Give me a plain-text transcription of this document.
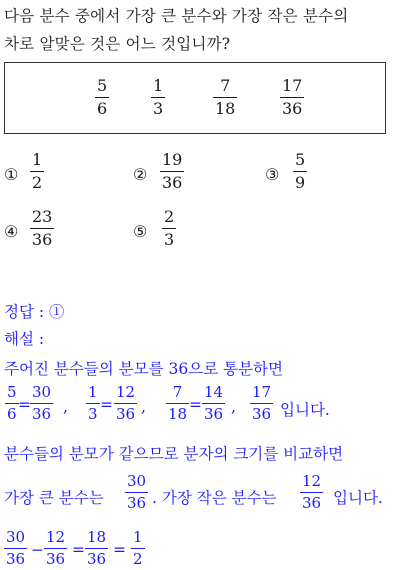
다음 분수 중에서 가장 큰 분수와 가장 작은 분수의
차로 알맞은 것은 어느 것입니까?
5
6
1
3
7
18
17
36
①
1
2	②
19
36	③
5
9
④
23
36	⑤
2
3
정답 : ①
해설 :
주어진 분수들의 분모를 36으로 통분하면
5
6 =
30
36 ,
1
3 =
12
36 ,
7
18 =
14
36 ,
17
36 입니다.
분수들의 분모가 같으므로 분자의 크기를 비교하면
가장 큰 분수는
30
36 . 가장 작은 분수는
12
36 입니다.
30
36 −
12
36 =
18
36 =
1
2
